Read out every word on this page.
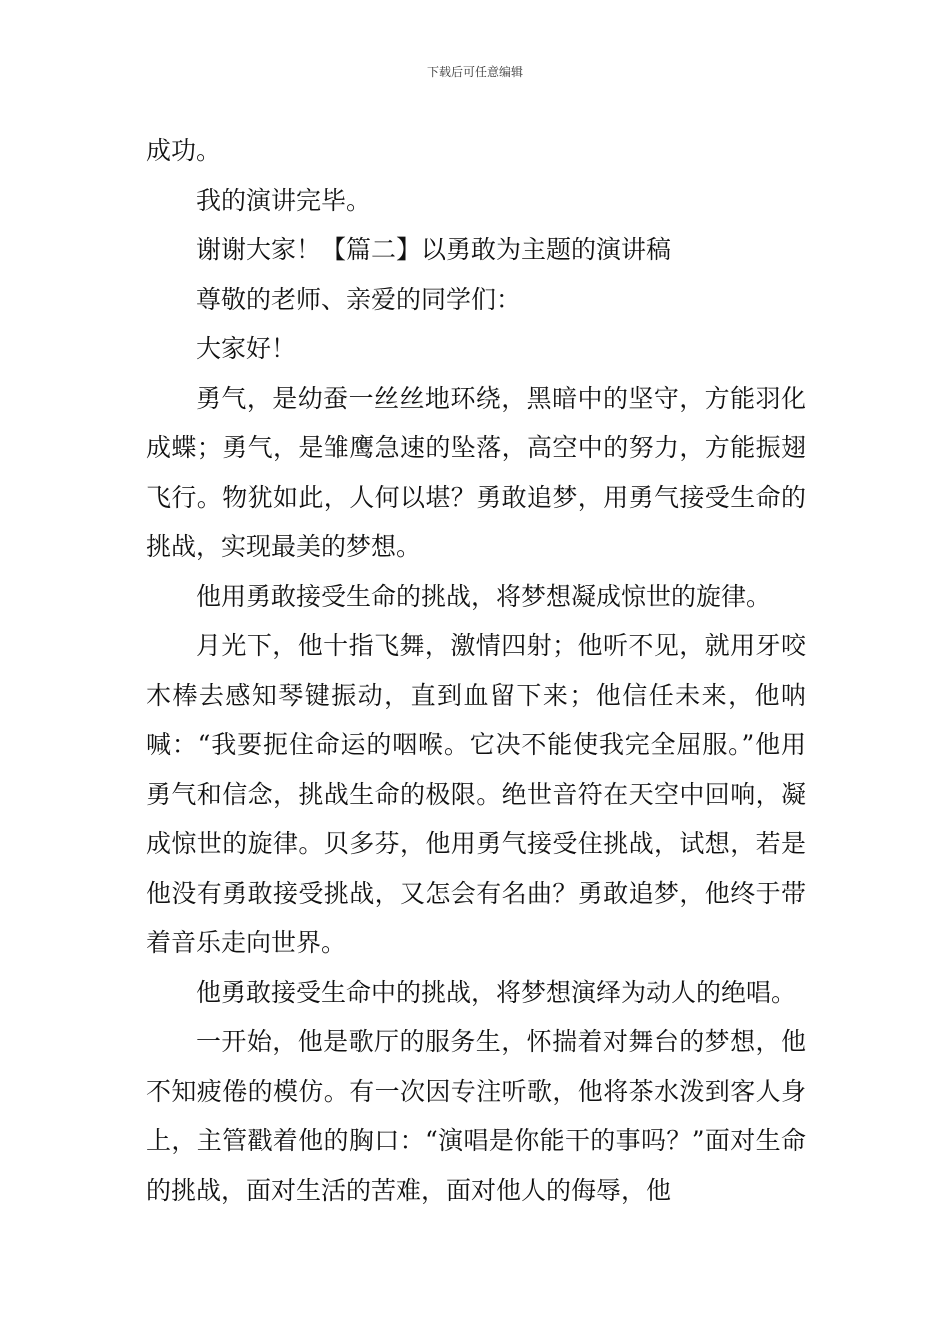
下载后可任意编辑

成功。

我的演讲完毕。

谢谢大家！【篇二】以勇敢为主题的演讲稿

尊敬的老师、亲爱的同学们：

大家好！

勇气，是幼蚕一丝丝地环绕，黑暗中的坚守，方能羽化成蝶；勇气，是雏鹰急速的坠落，高空中的努力，方能振翅飞行。物犹如此，人何以堪？勇敢追梦，用勇气接受生命的挑战，实现最美的梦想。

他用勇敢接受生命的挑战，将梦想凝成惊世的旋律。

月光下，他十指飞舞，激情四射；他听不见，就用牙咬木棒去感知琴键振动，直到血留下来；他信任未来，他呐喊：“我要扼住命运的咽喉。它决不能使我完全屈服。”他用勇气和信念，挑战生命的极限。绝世音符在天空中回响，凝成惊世的旋律。贝多芬，他用勇气接受住挑战，试想，若是他没有勇敢接受挑战，又怎会有名曲？勇敢追梦，他终于带着音乐走向世界。

他勇敢接受生命中的挑战，将梦想演绎为动人的绝唱。

一开始，他是歌厅的服务生，怀揣着对舞台的梦想，他不知疲倦的模仿。有一次因专注听歌，他将茶水泼到客人身上，主管戳着他的胸口：“演唱是你能干的事吗？”面对生命的挑战，面对生活的苦难，面对他人的侮辱，他
